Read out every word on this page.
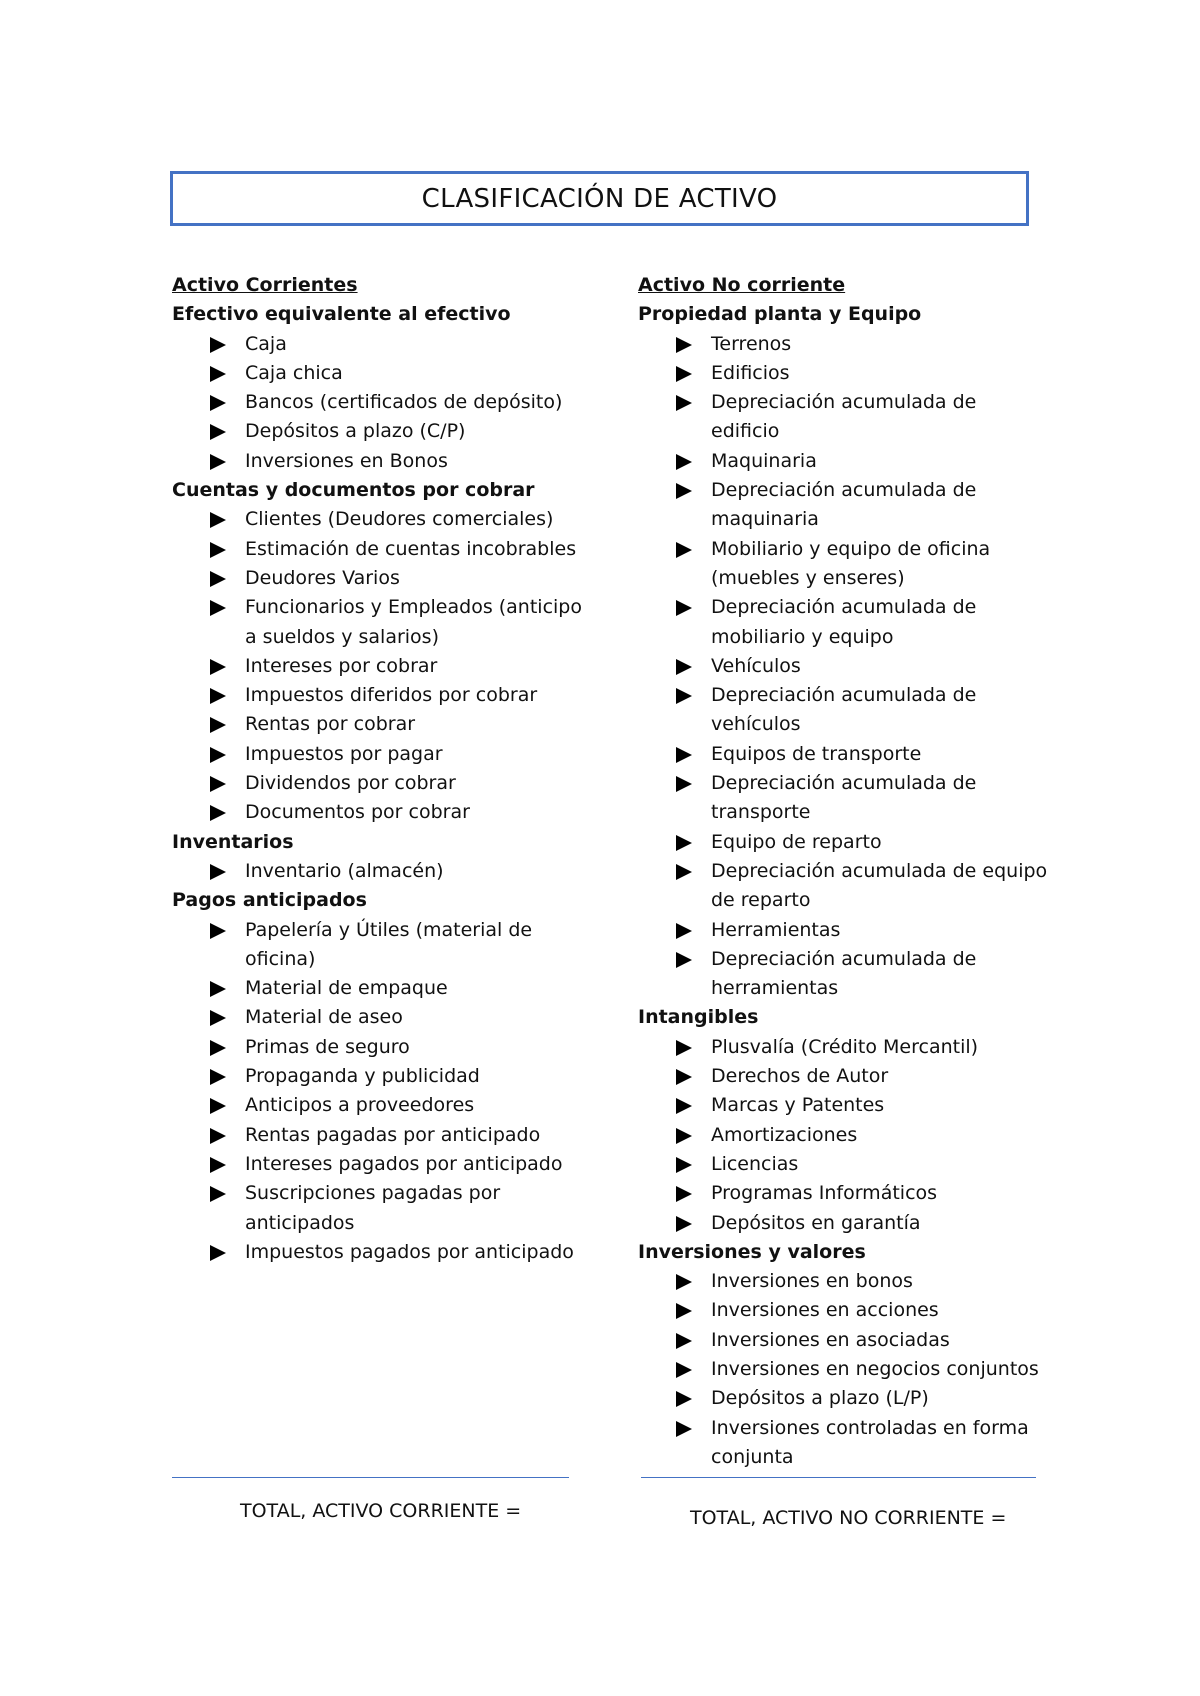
CLASIFICACIÓN DE ACTIVO
Activo Corrientes
Efectivo equivalente al efectivo
Caja
Caja chica
Bancos (certificados de depósito)
Depósitos a plazo (C/P)
Inversiones en Bonos
Cuentas y documentos por cobrar
Clientes (Deudores comerciales)
Estimación de cuentas incobrables
Deudores Varios
Funcionarios y Empleados (anticipo a sueldos y salarios)
Intereses por cobrar
Impuestos diferidos por cobrar
Rentas por cobrar
Impuestos por pagar
Dividendos por cobrar
Documentos por cobrar
Inventarios
Inventario (almacén)
Pagos anticipados
Papelería y Útiles (material de oficina)
Material de empaque
Material de aseo
Primas de seguro
Propaganda y publicidad
Anticipos a proveedores
Rentas pagadas por anticipado
Intereses pagados por anticipado
Suscripciones pagadas por anticipados
Impuestos pagados por anticipado
Activo No corriente
Propiedad planta y Equipo
Terrenos
Edificios
Depreciación acumulada de edificio
Maquinaria
Depreciación acumulada de maquinaria
Mobiliario y equipo de oficina (muebles y enseres)
Depreciación acumulada de mobiliario y equipo
Vehículos
Depreciación acumulada de vehículos
Equipos de transporte
Depreciación acumulada de transporte
Equipo de reparto
Depreciación acumulada de equipo de reparto
Herramientas
Depreciación acumulada de herramientas
Intangibles
Plusvalía (Crédito Mercantil)
Derechos de Autor
Marcas y Patentes
Amortizaciones
Licencias
Programas Informáticos
Depósitos en garantía
Inversiones y valores
Inversiones en bonos
Inversiones en acciones
Inversiones en asociadas
Inversiones en negocios conjuntos
Depósitos a plazo (L/P)
Inversiones controladas en forma conjunta
TOTAL, ACTIVO CORRIENTE =	TOTAL, ACTIVO NO CORRIENTE =
